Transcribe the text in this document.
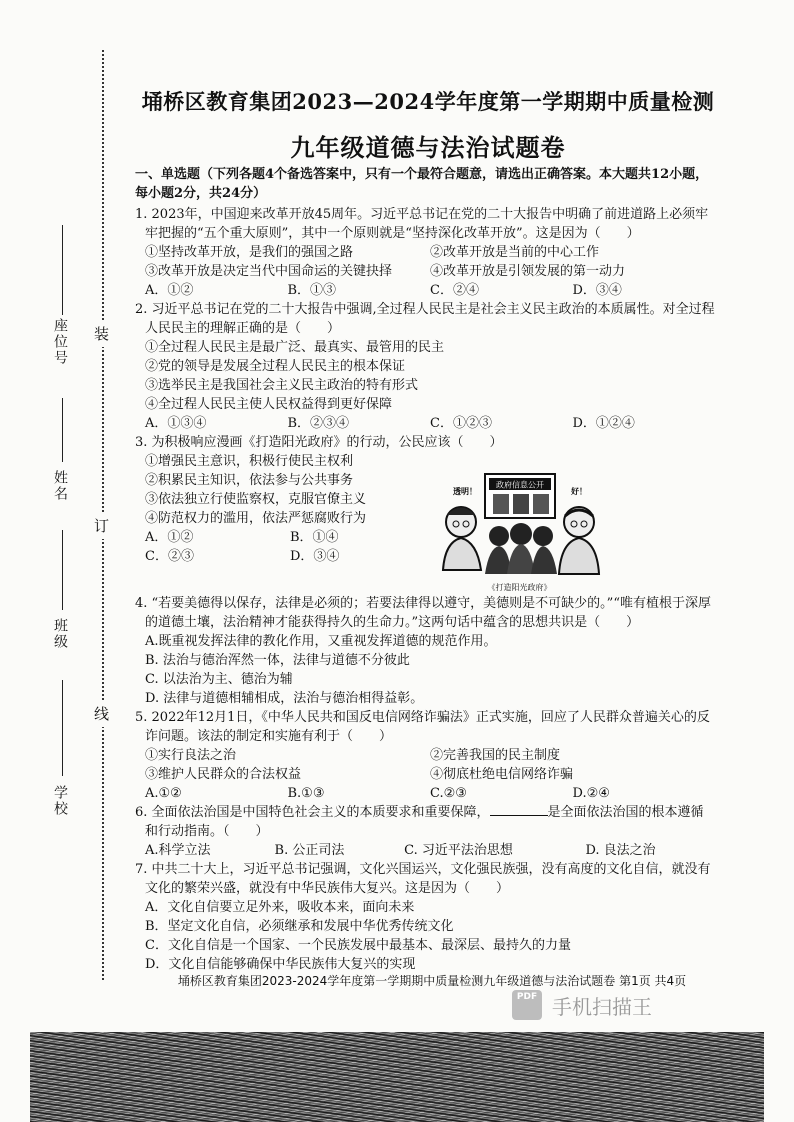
座位号
姓名
班级
学校
装
订
线
埇桥区教育集团2023—2024学年度第一学期期中质量检测
九年级道德与法治试题卷
一、单选题（下列各题4个备选答案中，只有一个最符合题意，请选出正确答案。本大题共12小题，每小题2分，共24分）
1. 2023年，中国迎来改革开放45周年。习近平总书记在党的二十大报告中明确了前进道路上必须牢牢把握的“五个重大原则”，其中一个原则就是“坚持深化改革开放”。这是因为（　　）
①坚持改革开放，是我们的强国之路	②改革开放是当前的中心工作
③改革开放是决定当代中国命运的关键抉择	④改革开放是引领发展的第一动力
A．①②	B．①③	C．②④	D．③④
2. 习近平总书记在党的二十大报告中强调,全过程人民民主是社会主义民主政治的本质属性。对全过程人民民主的理解正确的是（　　）
①全过程人民民主是最广泛、最真实、最管用的民主
②党的领导是发展全过程人民民主的根本保证
③选举民主是我国社会主义民主政治的特有形式
④全过程人民民主使人民权益得到更好保障
A．①③④	B．②③④	C．①②③	D．①②④
3. 为积极响应漫画《打造阳光政府》的行动，公民应该（　　）
①增强民主意识，积极行使民主权利
②积累民主知识，依法参与公共事务
③依法独立行使监察权，克服官僚主义
④防范权力的滥用，依法严惩腐败行为
A．①②	B．①④
C．②③	D．③④
政府信息公开
透明！	好！
《打造阳光政府》
4. “若要美德得以保存，法律是必须的；若要法律得以遵守，美德则是不可缺少的。”“唯有植根于深厚的道德土壤，法治精神才能获得持久的生命力。”这两句话中蕴含的思想共识是（　　）
A.既重视发挥法律的教化作用，又重视发挥道德的规范作用。
B. 法治与德治浑然一体，法律与道德不分彼此
C. 以法治为主、德治为辅
D. 法律与道德相辅相成，法治与德治相得益彰。
5. 2022年12月1日，《中华人民共和国反电信网络诈骗法》正式实施，回应了人民群众普遍关心的反诈问题。该法的制定和实施有利于（　　）
①实行良法之治	②完善我国的民主制度
③维护人民群众的合法权益	④彻底杜绝电信网络诈骗
A.①②	B.①③	C.②③	D.②④
6. 全面依法治国是中国特色社会主义的本质要求和重要保障，	是全面依法治国的根本遵循和行动指南。（　　）
A.科学立法	B. 公正司法	C. 习近平法治思想	D. 良法之治
7. 中共二十大上，习近平总书记强调，文化兴国运兴，文化强民族强，没有高度的文化自信，就没有文化的繁荣兴盛，就没有中华民族伟大复兴。这是因为（　　）
A．文化自信要立足外来，吸收本来，面向未来
B．坚定文化自信，必须继承和发展中华优秀传统文化
C．文化自信是一个国家、一个民族发展中最基本、最深层、最持久的力量
D．文化自信能够确保中华民族伟大复兴的实现
埇桥区教育集团2023-2024学年度第一学期期中质量检测九年级道德与法治试题卷 第1页 共4页
PDF 手机扫描王
